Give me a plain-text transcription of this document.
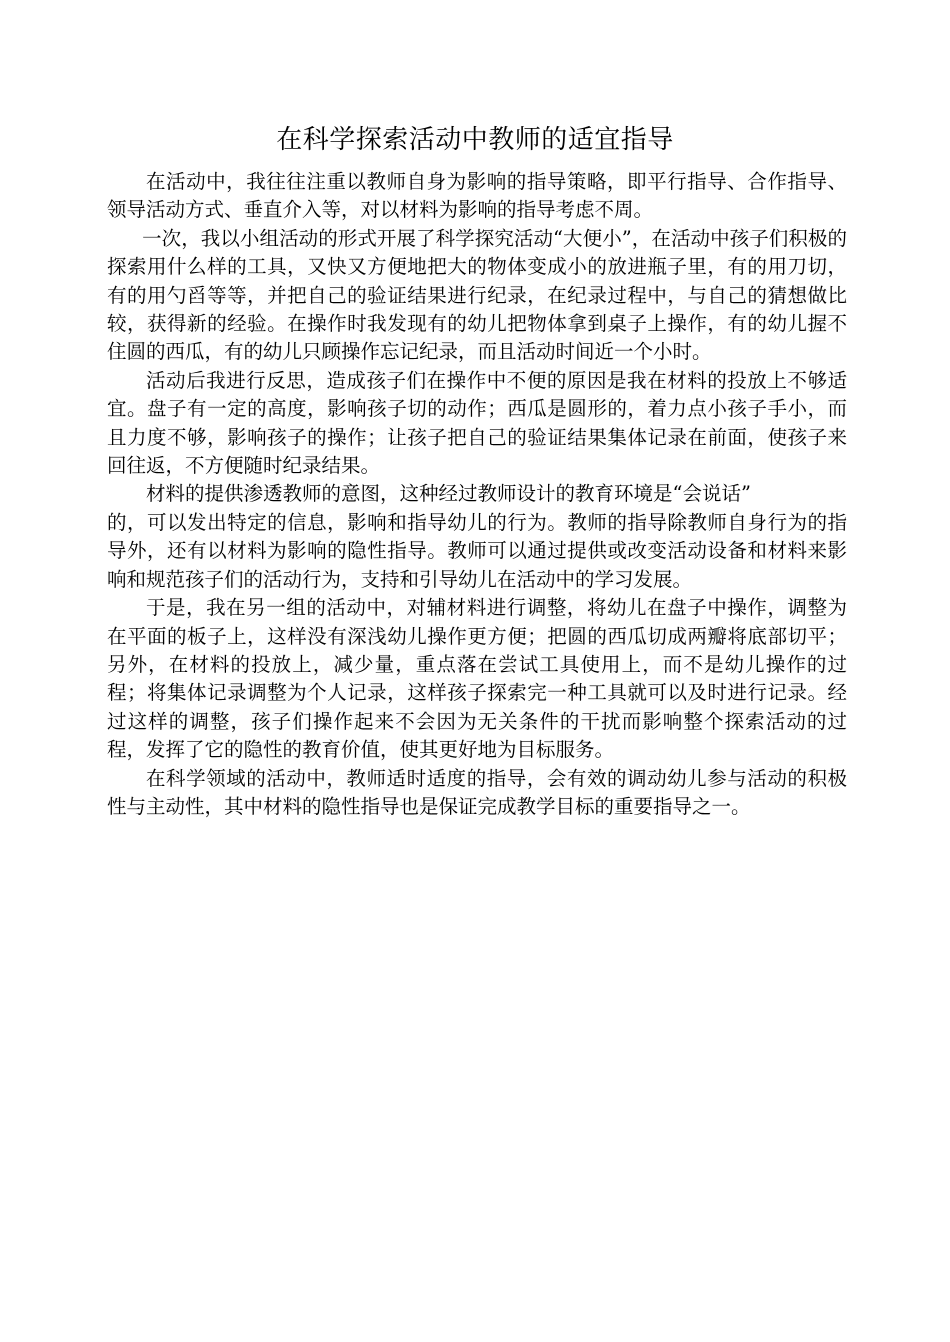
在科学探索活动中教师的适宜指导

在活动中，我往往注重以教师自身为影响的指导策略，即平行指导、合作指导、领导活动方式、垂直介入等，对以材料为影响的指导考虑不周。

一次，我以小组活动的形式开展了科学探究活动“大便小”，在活动中孩子们积极的探索用什么样的工具，又快又方便地把大的物体变成小的放进瓶子里，有的用刀切，有的用勺舀等等，并把自己的验证结果进行纪录，在纪录过程中，与自己的猜想做比较，获得新的经验。在操作时我发现有的幼儿把物体拿到桌子上操作，有的幼儿握不住圆的西瓜，有的幼儿只顾操作忘记纪录，而且活动时间近一个小时。

活动后我进行反思，造成孩子们在操作中不便的原因是我在材料的投放上不够适宜。盘子有一定的高度，影响孩子切的动作；西瓜是圆形的，着力点小孩子手小，而且力度不够，影响孩子的操作；让孩子把自己的验证结果集体记录在前面，使孩子来回往返，不方便随时纪录结果。

材料的提供渗透教师的意图，这种经过教师设计的教育环境是“会说话”

的，可以发出特定的信息，影响和指导幼儿的行为。教师的指导除教师自身行为的指导外，还有以材料为影响的隐性指导。教师可以通过提供或改变活动设备和材料来影响和规范孩子们的活动行为，支持和引导幼儿在活动中的学习发展。

于是，我在另一组的活动中，对辅材料进行调整，将幼儿在盘子中操作，调整为在平面的板子上，这样没有深浅幼儿操作更方便；把圆的西瓜切成两瓣将底部切平；另外，在材料的投放上，减少量，重点落在尝试工具使用上，而不是幼儿操作的过程；将集体记录调整为个人记录，这样孩子探索完一种工具就可以及时进行记录。经过这样的调整，孩子们操作起来不会因为无关条件的干扰而影响整个探索活动的过程，发挥了它的隐性的教育价值，使其更好地为目标服务。

在科学领域的活动中，教师适时适度的指导，会有效的调动幼儿参与活动的积极性与主动性，其中材料的隐性指导也是保证完成教学目标的重要指导之一。
